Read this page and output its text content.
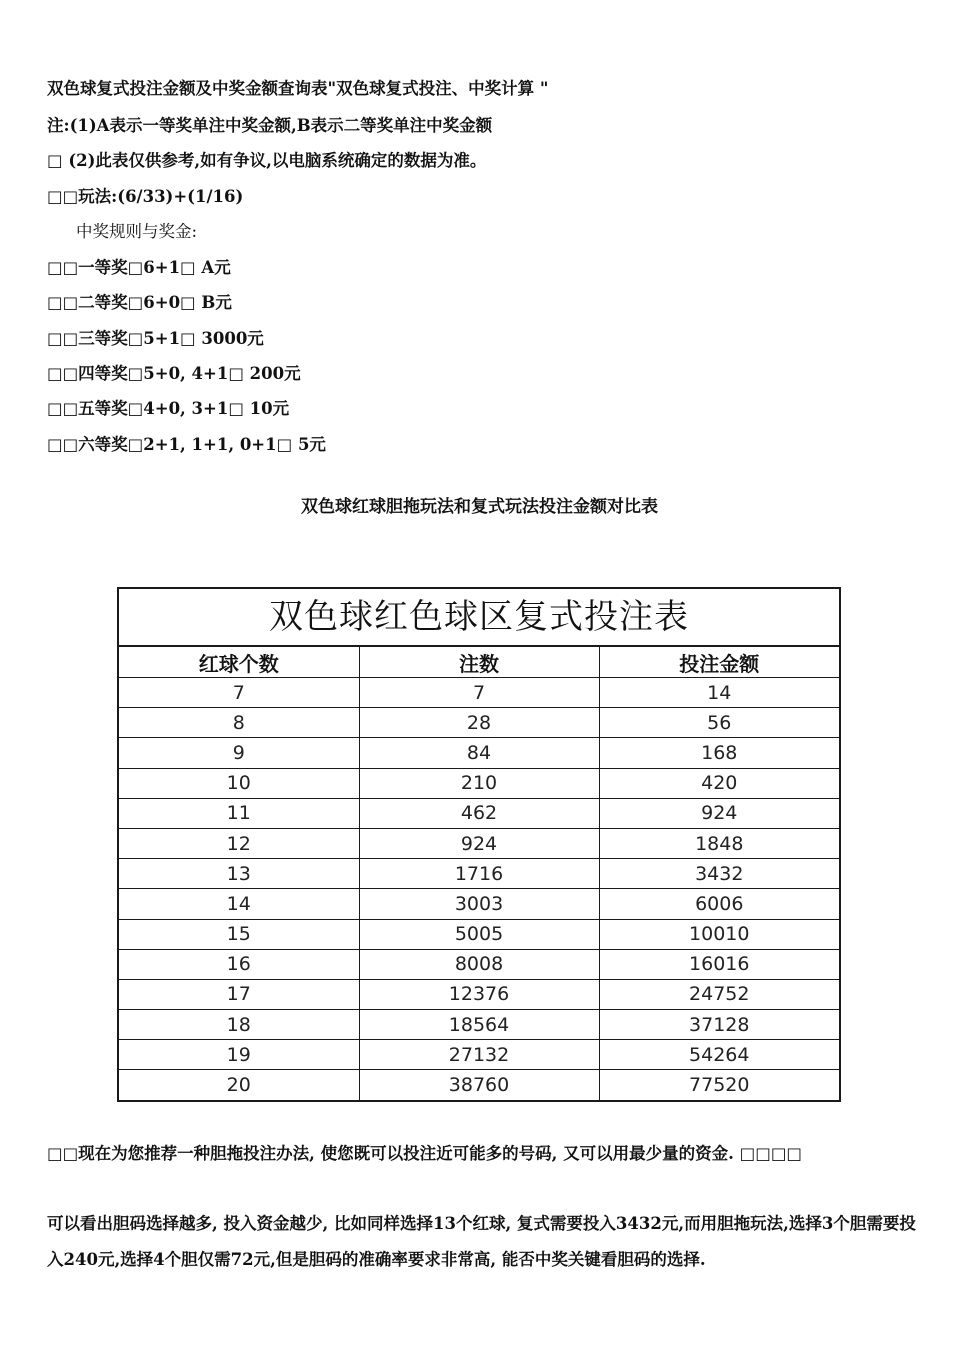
双色球复式投注金额及中奖金额查询表"双色球复式投注、中奖计算 "
注:(1)A表示一等奖单注中奖金额,B表示二等奖单注中奖金额
□ (2)此表仅供参考,如有争议,以电脑系统确定的数据为准。
□□玩法:(6/33)+(1/16)
中奖规则与奖金:
□□一等奖□6+1□ A元
□□二等奖□6+0□ B元
□□三等奖□5+1□ 3000元
□□四等奖□5+0, 4+1□ 200元
□□五等奖□4+0, 3+1□ 10元
□□六等奖□2+1, 1+1, 0+1□ 5元
双色球红球胆拖玩法和复式玩法投注金额对比表
双色球红色球区复式投注表
红球个数	注数	投注金额
7	7	14
8	28	56
9	84	168
10	210	420
11	462	924
12	924	1848
13	1716	3432
14	3003	6006
15	5005	10010
16	8008	16016
17	12376	24752
18	18564	37128
19	27132	54264
20	38760	77520
□□现在为您推荐一种胆拖投注办法, 使您既可以投注近可能多的号码, 又可以用最少量的资金. □□□□
可以看出胆码选择越多, 投入资金越少, 比如同样选择13个红球, 复式需要投入3432元,而用胆拖玩法,选择3个胆需要投入240元,选择4个胆仅需72元,但是胆码的准确率要求非常高, 能否中奖关键看胆码的选择.
